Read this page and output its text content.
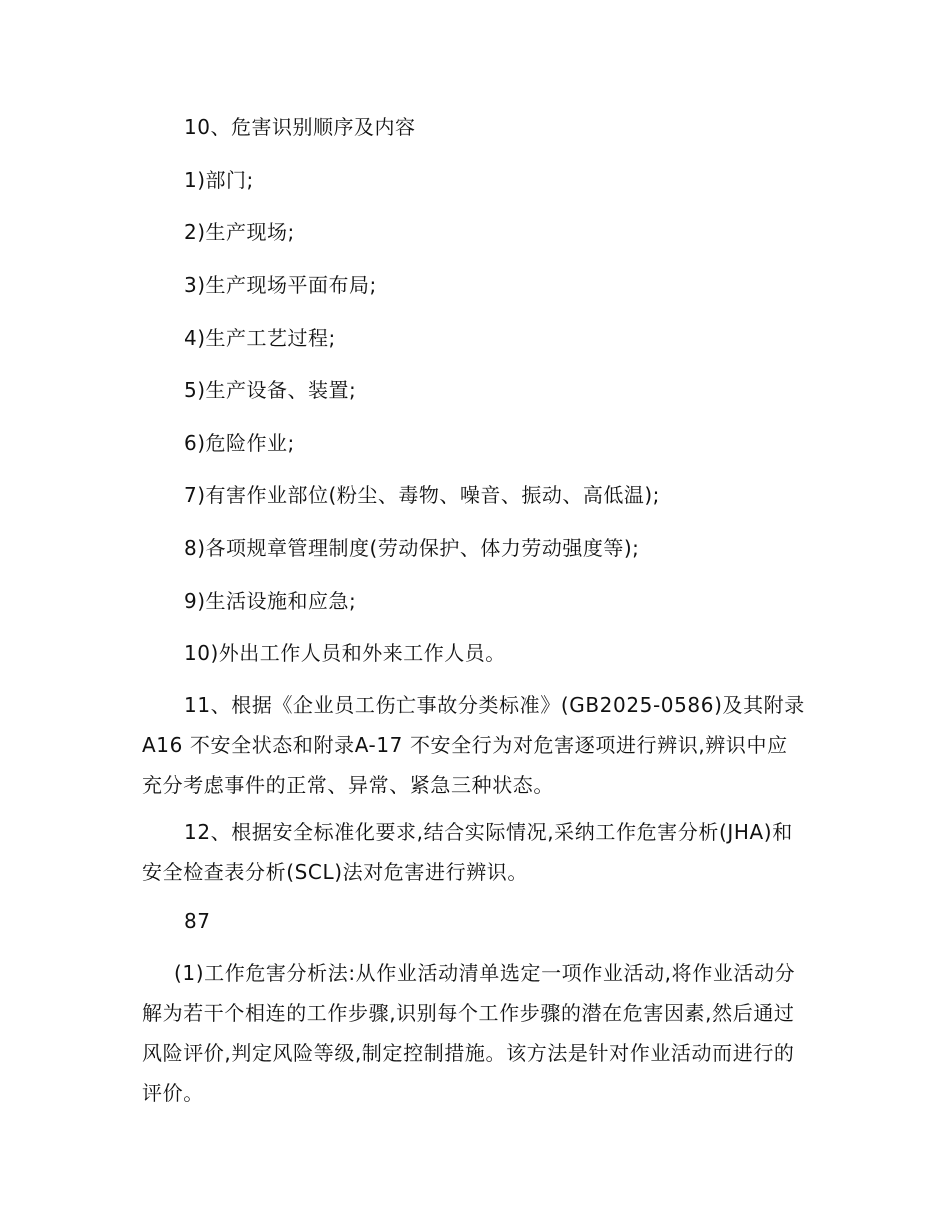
10、危害识别顺序及内容
1)部门;
2)生产现场;
3)生产现场平面布局;
4)生产工艺过程;
5)生产设备、装置;
6)危险作业;
7)有害作业部位(粉尘、毒物、噪音、振动、高低温);
8)各项规章管理制度(劳动保护、体力劳动强度等);
9)生活设施和应急;
10)外出工作人员和外来工作人员。
11、根据《企业员工伤亡事故分类标准》(GB2025-0586)及其附录A16 不安全状态和附录A-17 不安全行为对危害逐项进行辨识,辨识中应充分考虑事件的正常、异常、紧急三种状态。
12、根据安全标准化要求,结合实际情况,采纳工作危害分析(JHA)和安全检查表分析(SCL)法对危害进行辨识。
87
(1)工作危害分析法:从作业活动清单选定一项作业活动,将作业活动分解为若干个相连的工作步骤,识别每个工作步骤的潜在危害因素,然后通过风险评价,判定风险等级,制定控制措施。该方法是针对作业活动而进行的评价。
